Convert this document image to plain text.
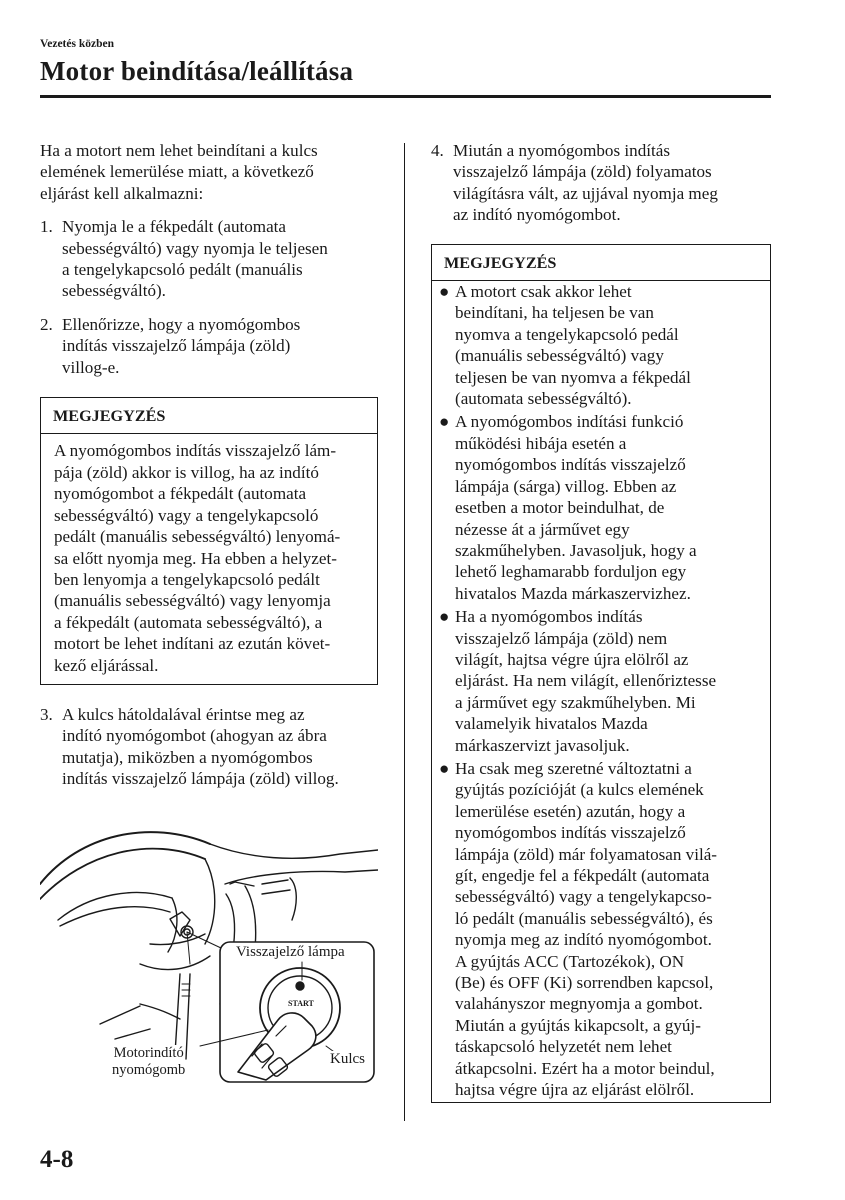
Vezetés közben
Motor beindítása/leállítása

Ha a motort nem lehet beindítani a kulcs
elemének lemerülése miatt, a következő
eljárást kell alkalmazni:

1. Nyomja le a fékpedált (automata
sebességváltó) vagy nyomja le teljesen
a tengelykapcsoló pedált (manuális
sebességváltó).

2. Ellenőrizze, hogy a nyomógombos
indítás visszajelző lámpája (zöld)
villog-e.

MEGJEGYZÉS

A nyomógombos indítás visszajelző lám-
pája (zöld) akkor is villog, ha az indító
nyomógombot a fékpedált (automata
sebességváltó) vagy a tengelykapcsoló
pedált (manuális sebességváltó) lenyomá-
sa előtt nyomja meg. Ha ebben a helyzet-
ben lenyomja a tengelykapcsoló pedált
(manuális sebességváltó) vagy lenyomja
a fékpedált (automata sebességváltó), a
motort be lehet indítani az ezután követ-
kező eljárással.

3. A kulcs hátoldalával érintse meg az
indító nyomógombot (ahogyan az ábra
mutatja), miközben a nyomógombos
indítás visszajelző lámpája (zöld) villog.

Visszajelző lámpa
START
Motorindító
nyomógomb
Kulcs
4. Miután a nyomógombos indítás
visszajelző lámpája (zöld) folyamatos
világításra vált, az ujjával nyomja meg
az indító nyomógombot.

MEGJEGYZÉS
● A motort csak akkor lehet
beindítani, ha teljesen be van
nyomva a tengelykapcsoló pedál
(manuális sebességváltó) vagy
teljesen be van nyomva a fékpedál
(automata sebességváltó).
● A nyomógombos indítási funkció
működési hibája esetén a
nyomógombos indítás visszajelző
lámpája (sárga) villog. Ebben az
esetben a motor beindulhat, de
nézesse át a járművet egy
szakműhelyben. Javasoljuk, hogy a
lehető leghamarabb forduljon egy
hivatalos Mazda márkaszervizhez.
● Ha a nyomógombos indítás
visszajelző lámpája (zöld) nem
világít, hajtsa végre újra elölről az
eljárást. Ha nem világít, ellenőriztesse
a járművet egy szakműhelyben. Mi
valamelyik hivatalos Mazda
márkaszervizt javasoljuk.
● Ha csak meg szeretné változtatni a
gyújtás pozícióját (a kulcs elemének
lemerülése esetén) azután, hogy a
nyomógombos indítás visszajelző
lámpája (zöld) már folyamatosan vilá-
gít, engedje fel a fékpedált (automata
sebességváltó) vagy a tengelykapcso-
ló pedált (manuális sebességváltó), és
nyomja meg az indító nyomógombot.
A gyújtás ACC (Tartozékok), ON
(Be) és OFF (Ki) sorrendben kapcsol,
valahányszor megnyomja a gombot.
Miután a gyújtás kikapcsolt, a gyúj-
táskapcsoló helyzetét nem lehet
átkapcsolni. Ezért ha a motor beindul,
hajtsa végre újra az eljárást elölről.
4-8
